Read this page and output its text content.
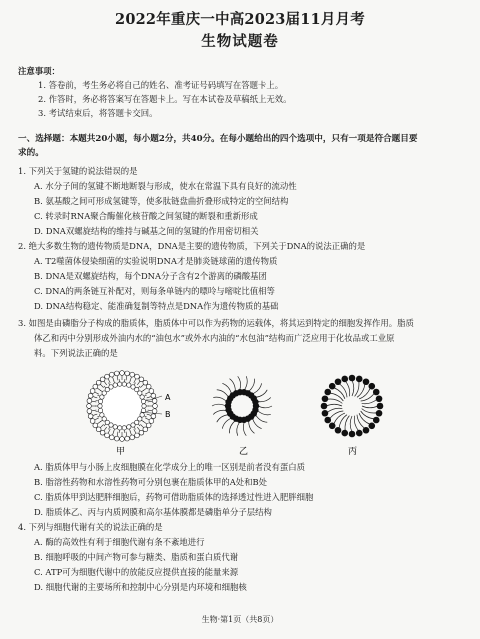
2022年重庆一中高2023届11月月考
生物试题卷
注意事项：
1. 答卷前，考生务必将自己的姓名、准考证号码填写在答题卡上。
2. 作答时，务必将答案写在答题卡上。写在本试卷及草稿纸上无效。
3. 考试结束后，将答题卡交回。
一、选择题：本题共20小题，每小题2分，共40分。在每小题给出的四个选项中，只有一项是符合题目要
求的。
1. 下列关于氢键的说法错误的是
A. 水分子间的氢键不断地断裂与形成，使水在常温下具有良好的流动性
B. 氨基酸之间可形成氢键等，使多肽链盘曲折叠形成特定的空间结构
C. 转录时RNA聚合酶催化核苷酸之间氢键的断裂和重新形成
D. DNA双螺旋结构的维持与碱基之间的氢键的作用密切相关
2. 绝大多数生物的遗传物质是DNA，DNA是主要的遗传物质，下列关于DNA的说法正确的是
A. T2噬菌体侵染细菌的实验说明DNA才是肺炎链球菌的遗传物质
B. DNA是双螺旋结构，每个DNA分子含有2个游离的磷酸基团
C. DNA的两条链互补配对，则每条单链内的嘌呤与嘧啶比值相等
D. DNA结构稳定、能准确复制等特点是DNA作为遗传物质的基础
3. 如图是由磷脂分子构成的脂质体，脂质体中可以作为药物的运载体，将其运到特定的细胞发挥作用。脂质
体乙和丙中分别形成外油内水的“油包水”或外水内油的“水包油”结构而广泛应用于化妆品或工业原
料。下列说法正确的是
A
B
甲	乙	丙
A. 脂质体甲与小肠上皮细胞膜在化学成分上的唯一区别是前者没有蛋白质
B. 脂溶性药物和水溶性药物可分别包裹在脂质体甲的A处和B处
C. 脂质体甲到达肥胖细胞后，药物可借助脂质体的选择透过性进入肥胖细胞
D. 脂质体乙、丙与内质网膜和高尔基体膜都是磷脂单分子层结构
4. 下列与细胞代谢有关的说法正确的是
A. 酶的高效性有利于细胞代谢有条不紊地进行
B. 细胞呼吸的中间产物可参与糖类、脂质和蛋白质代谢
C. ATP可为细胞代谢中的放能反应提供直接的能量来源
D. 细胞代谢的主要场所和控制中心分别是内环境和细胞核
生物·第1页（共8页）
